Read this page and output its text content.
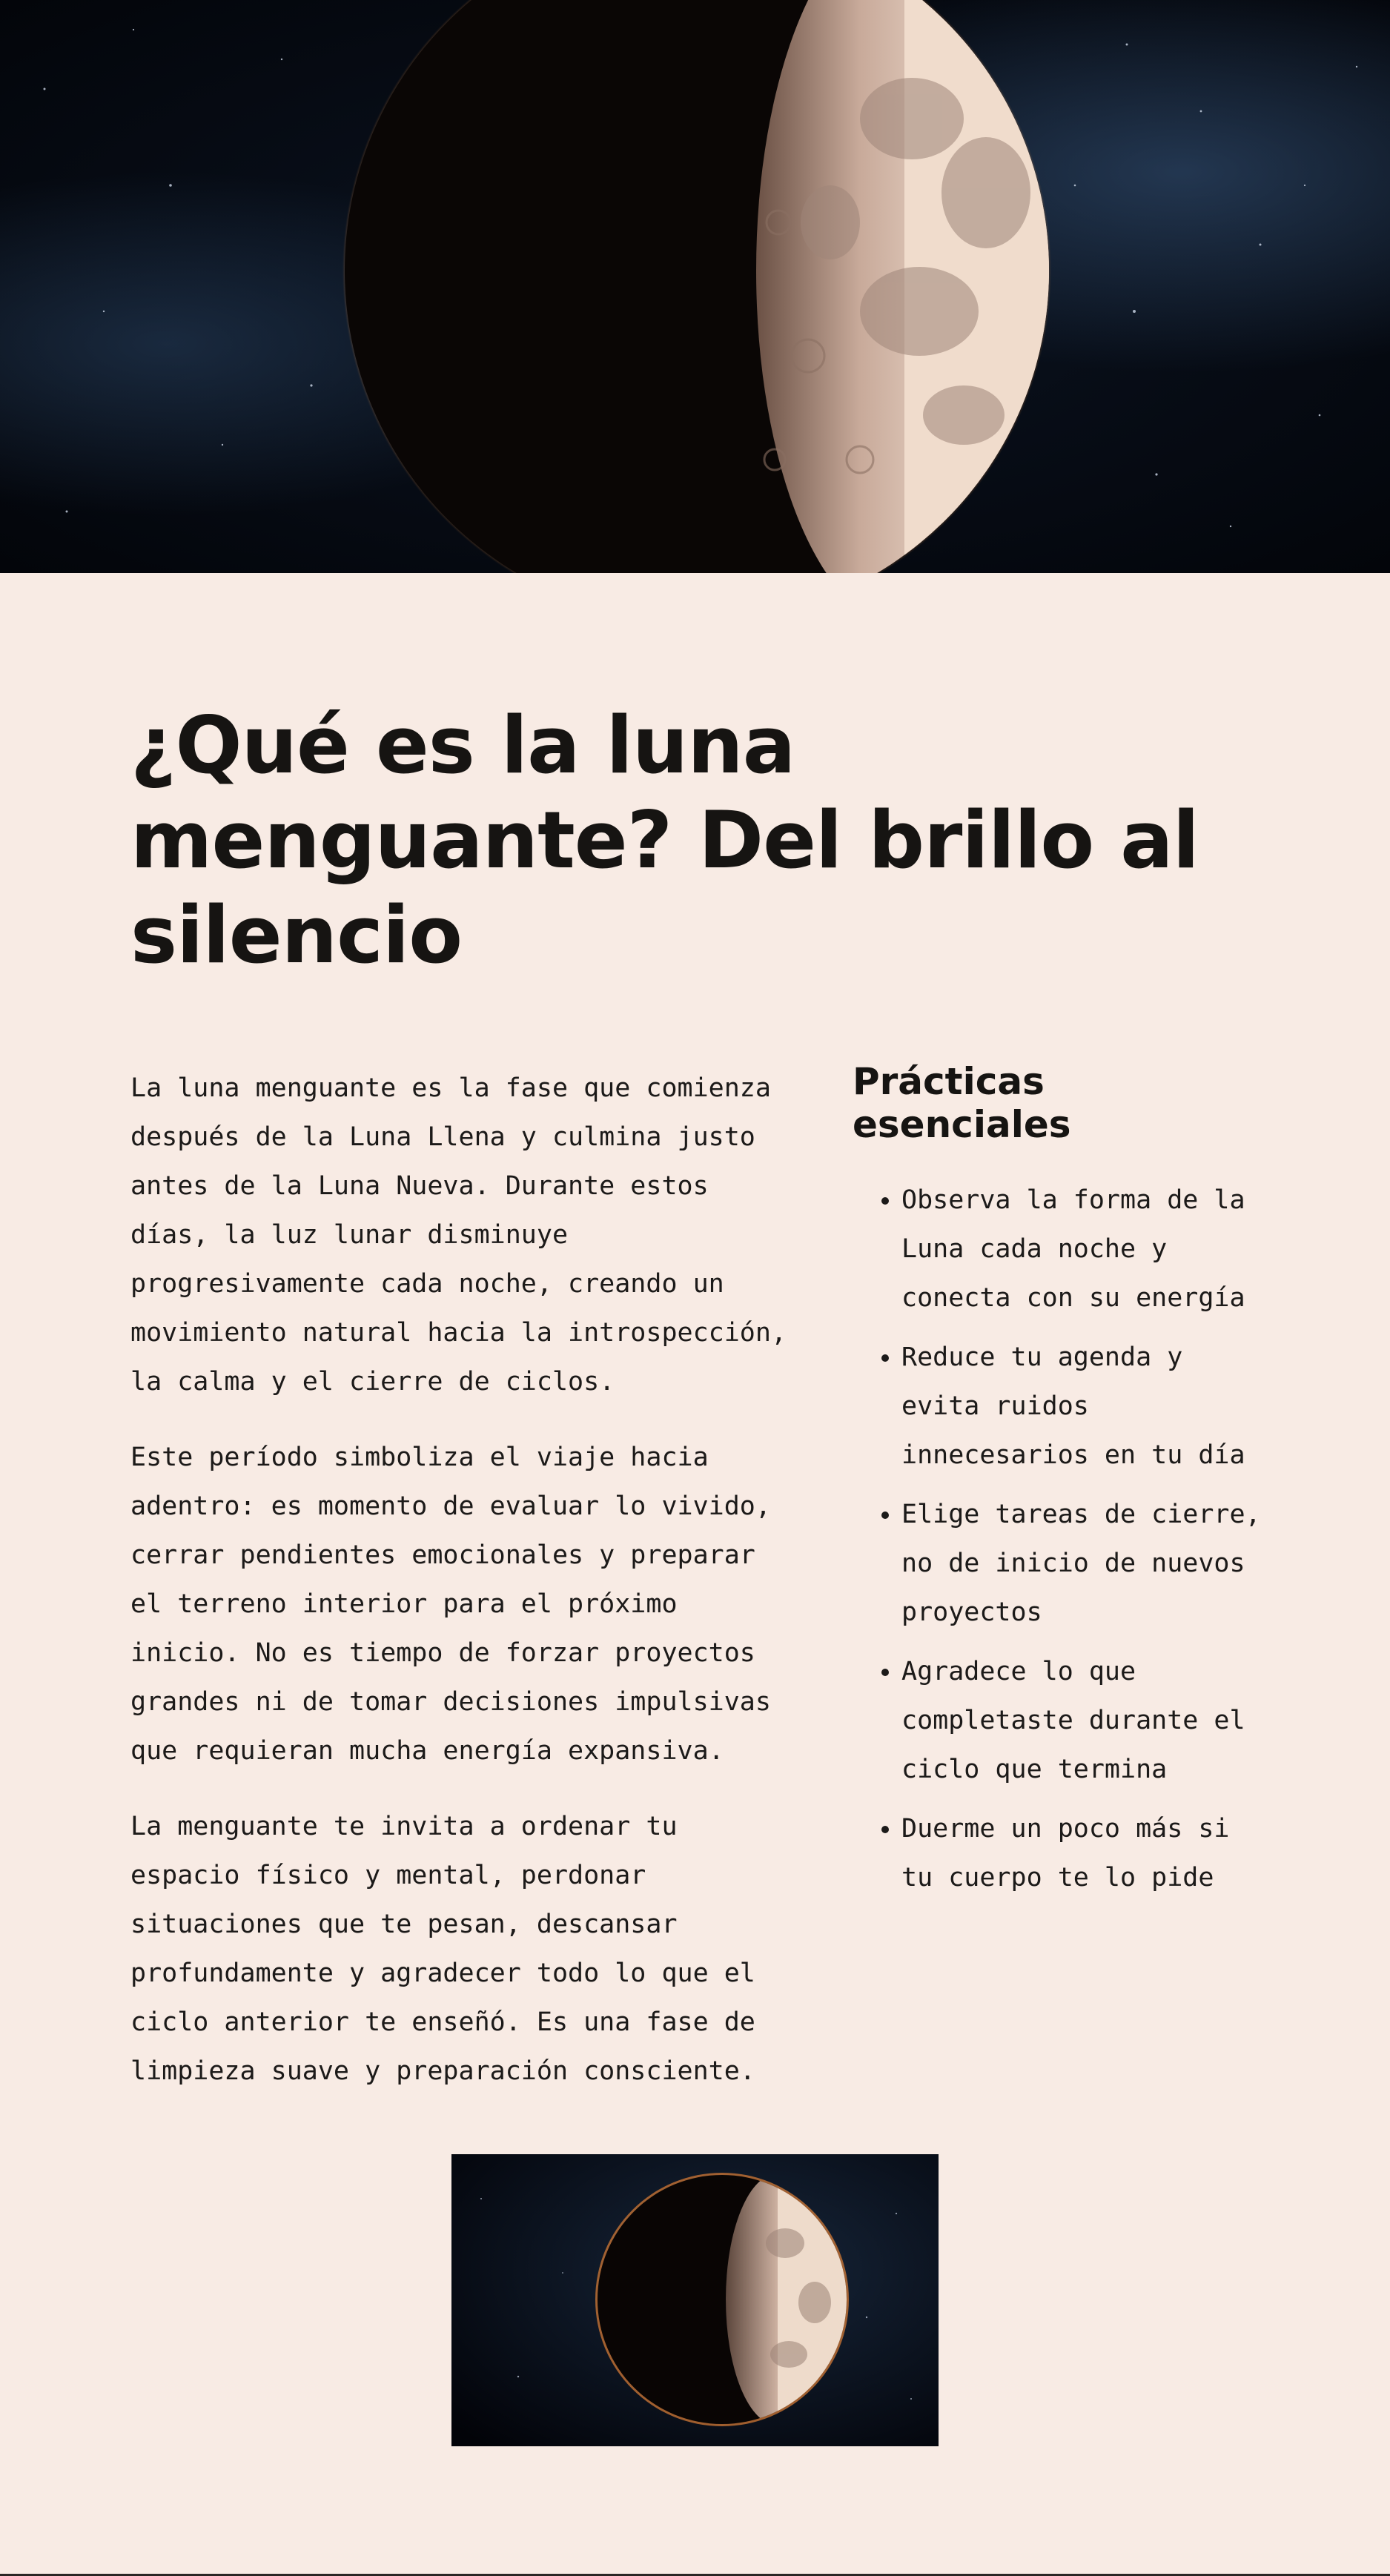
¿Qué es la luna menguante? Del brillo al silencio

La luna menguante es la fase que comienza después de la Luna Llena y culmina justo antes de la Luna Nueva. Durante estos días, la luz lunar disminuye progresivamente cada noche, creando un movimiento natural hacia la introspección, la calma y el cierre de ciclos.

Este período simboliza el viaje hacia adentro: es momento de evaluar lo vivido, cerrar pendientes emocionales y preparar el terreno interior para el próximo inicio. No es tiempo de forzar proyectos grandes ni de tomar decisiones impulsivas que requieran mucha energía expansiva.

La menguante te invita a ordenar tu espacio físico y mental, perdonar situaciones que te pesan, descansar profundamente y agradecer todo lo que el ciclo anterior te enseñó. Es una fase de limpieza suave y preparación consciente.

Prácticas esenciales
• Observa la forma de la Luna cada noche y conecta con su energía
• Reduce tu agenda y evita ruidos innecesarios en tu día
• Elige tareas de cierre, no de inicio de nuevos proyectos
• Agradece lo que completaste durante el ciclo que termina
• Duerme un poco más si tu cuerpo te lo pide
